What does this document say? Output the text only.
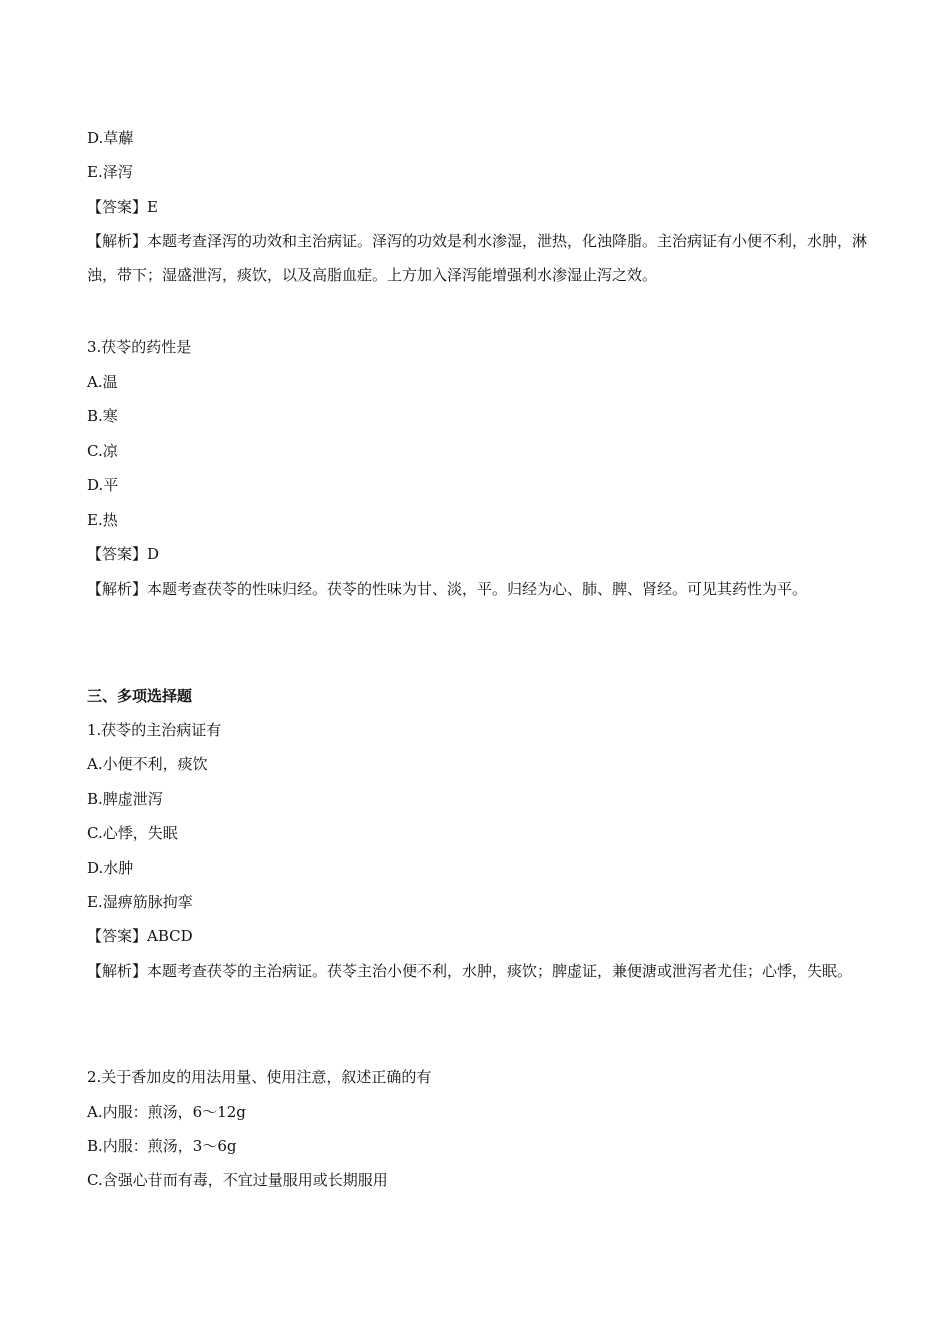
D.草薢
E.泽泻
【答案】E
【解析】本题考查泽泻的功效和主治病证。泽泻的功效是利水渗湿，泄热，化浊降脂。主治病证有小便不利，水肿，淋浊，带下；湿盛泄泻，痰饮，以及高脂血症。上方加入泽泻能增强利水渗湿止泻之效。
3.茯苓的药性是
A.温
B.寒
C.凉
D.平
E.热
【答案】D
【解析】本题考查茯苓的性味归经。茯苓的性味为甘、淡，平。归经为心、肺、脾、肾经。可见其药性为平。
三、多项选择题
1.茯苓的主治病证有
A.小便不利，痰饮
B.脾虚泄泻
C.心悸，失眠
D.水肿
E.湿痹筋脉拘挛
【答案】ABCD
【解析】本题考查茯苓的主治病证。茯苓主治小便不利，水肿，痰饮；脾虚证，兼便溏或泄泻者尤佳；心悸，失眠。
2.关于香加皮的用法用量、使用注意，叙述正确的有
A.内服：煎汤，6～12g
B.内服：煎汤，3～6g
C.含强心苷而有毒，不宜过量服用或长期服用
